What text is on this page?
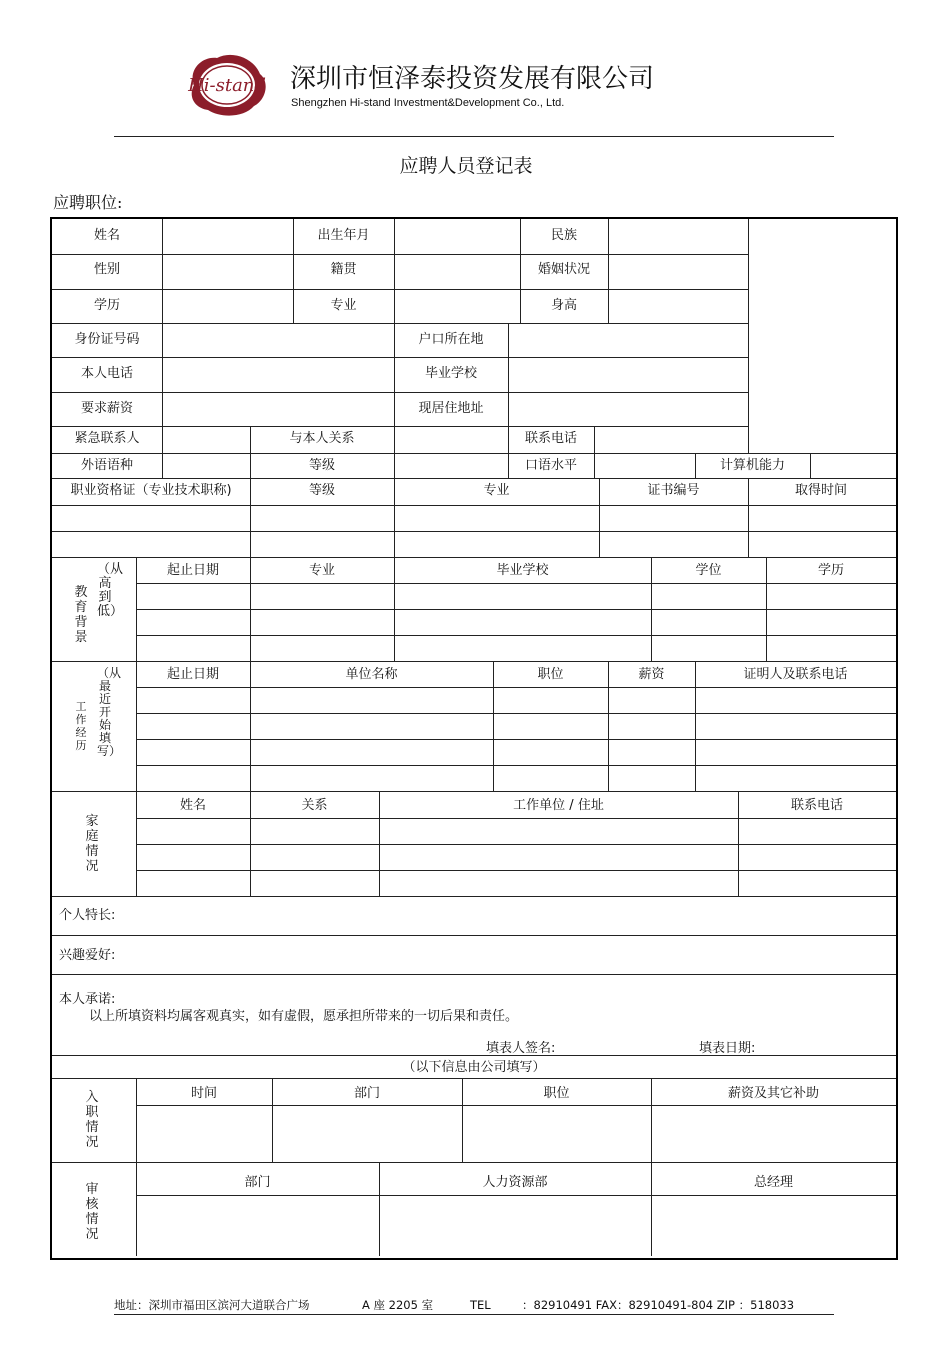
Hi-stand 深圳市恒泽泰投资发展有限公司
Shengzhen Hi-stand Investment&Development Co., Ltd.
应聘人员登记表
应聘职位:
姓名	出生年月	民族
性别	籍贯	婚姻状况
学历	专业	身高
身份证号码	户口所在地
本人电话	毕业学校
要求薪资	现居住地址
紧急联系人	与本人关系	联系电话
外语语种	等级	口语水平	计算机能力
职业资格证（专业技术职称)	等级	专业	证书编号	取得时间
教育背景
（从高到低）
起止日期	专业	毕业学校	学位	学历
工作经历
（从最近开始填写）
起止日期	单位名称	职位	薪资	证明人及联系电话
家庭情况
姓名	关系	工作单位 / 住址	联系电话
个人特长:
兴趣爱好:
本人承诺:
以上所填资料均属客观真实，如有虚假，愿承担所带来的一切后果和责任。
填表人签名:	填表日期:
（以下信息由公司填写）
入职情况
时间	部门	职位	薪资及其它补助
审核情况
部门	人力资源部	总经理
地址：深圳市福田区滨河大道联合广场	A 座 2205 室	TEL	：82910491 FAX：82910491-804 ZIP ：518033
